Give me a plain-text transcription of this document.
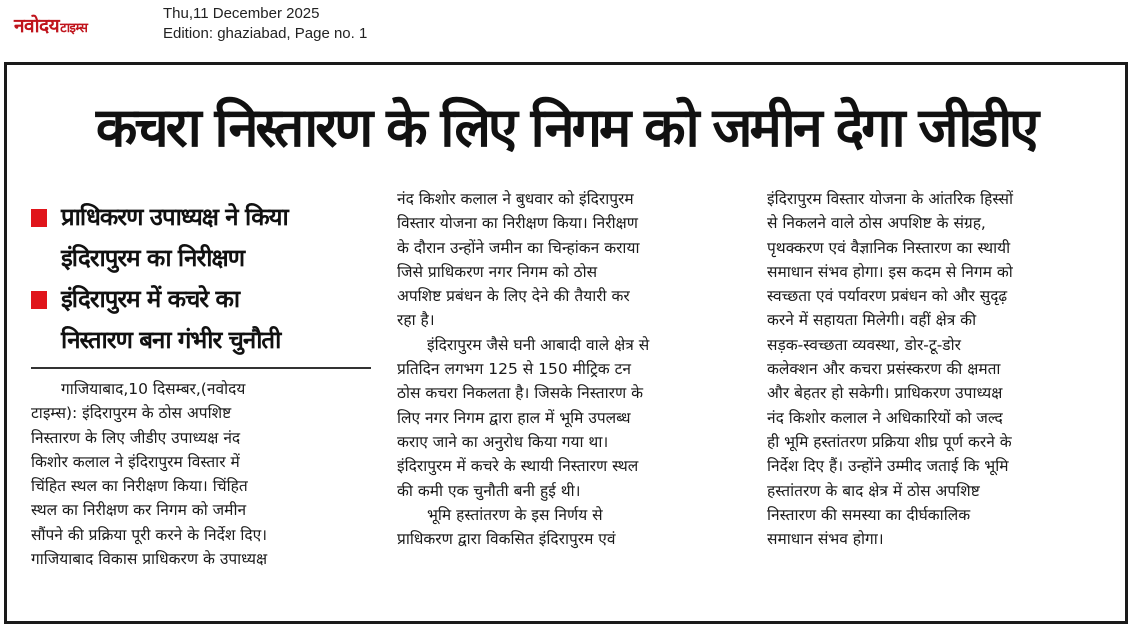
नवोदयटाइम्स
Thu,11 December 2025
Edition: ghaziabad, Page no. 1
कचरा निस्तारण के लिए निगम को जमीन देगा जीडीए
प्राधिकरण उपाध्यक्ष ने किया
इंदिरापुरम का निरीक्षण
इंदिरापुरम में कचरे का
निस्तारण बना गंभीर चुनौती

गाजियाबाद,10 दिसम्बर,(नवोदय

टाइम्स): इंदिरापुरम के ठोस अपशिष्ट

निस्तारण के लिए जीडीए उपाध्यक्ष नंद

किशोर कलाल ने इंदिरापुरम विस्तार में

चिंहित स्थल का निरीक्षण किया। चिंहित

स्थल का निरीक्षण कर निगम को जमीन

सौंपने की प्रक्रिया पूरी करने के निर्देश दिए।

गाजियाबाद विकास प्राधिकरण के उपाध्यक्ष

नंद किशोर कलाल ने बुधवार को इंदिरापुरम

विस्तार योजना का निरीक्षण किया। निरीक्षण

के दौरान उन्होंने जमीन का चिन्हांकन कराया

जिसे प्राधिकरण नगर निगम को ठोस

अपशिष्ट प्रबंधन के लिए देने की तैयारी कर

रहा है।

इंदिरापुरम जैसे घनी आबादी वाले क्षेत्र से

प्रतिदिन लगभग 125 से 150 मीट्रिक टन

ठोस कचरा निकलता है। जिसके निस्तारण के

लिए नगर निगम द्वारा हाल में भूमि उपलब्ध

कराए जाने का अनुरोध किया गया था।

इंदिरापुरम में कचरे के स्थायी निस्तारण स्थल

की कमी एक चुनौती बनी हुई थी।

भूमि हस्तांतरण के इस निर्णय से

प्राधिकरण द्वारा विकसित इंदिरापुरम एवं

इंदिरापुरम विस्तार योजना के आंतरिक हिस्सों

से निकलने वाले ठोस अपशिष्ट के संग्रह,

पृथक्करण एवं वैज्ञानिक निस्तारण का स्थायी

समाधान संभव होगा। इस कदम से निगम को

स्वच्छता एवं पर्यावरण प्रबंधन को और सुदृढ़

करने में सहायता मिलेगी। वहीं क्षेत्र की

सड़क-स्वच्छता व्यवस्था, डोर-टू-डोर

कलेक्शन और कचरा प्रसंस्करण की क्षमता

और बेहतर हो सकेगी। प्राधिकरण उपाध्यक्ष

नंद किशोर कलाल ने अधिकारियों को जल्द

ही भूमि हस्तांतरण प्रक्रिया शीघ्र पूर्ण करने के

निर्देश दिए हैं। उन्होंने उम्मीद जताई कि भूमि

हस्तांतरण के बाद क्षेत्र में ठोस अपशिष्ट

निस्तारण की समस्या का दीर्घकालिक

समाधान संभव होगा।
